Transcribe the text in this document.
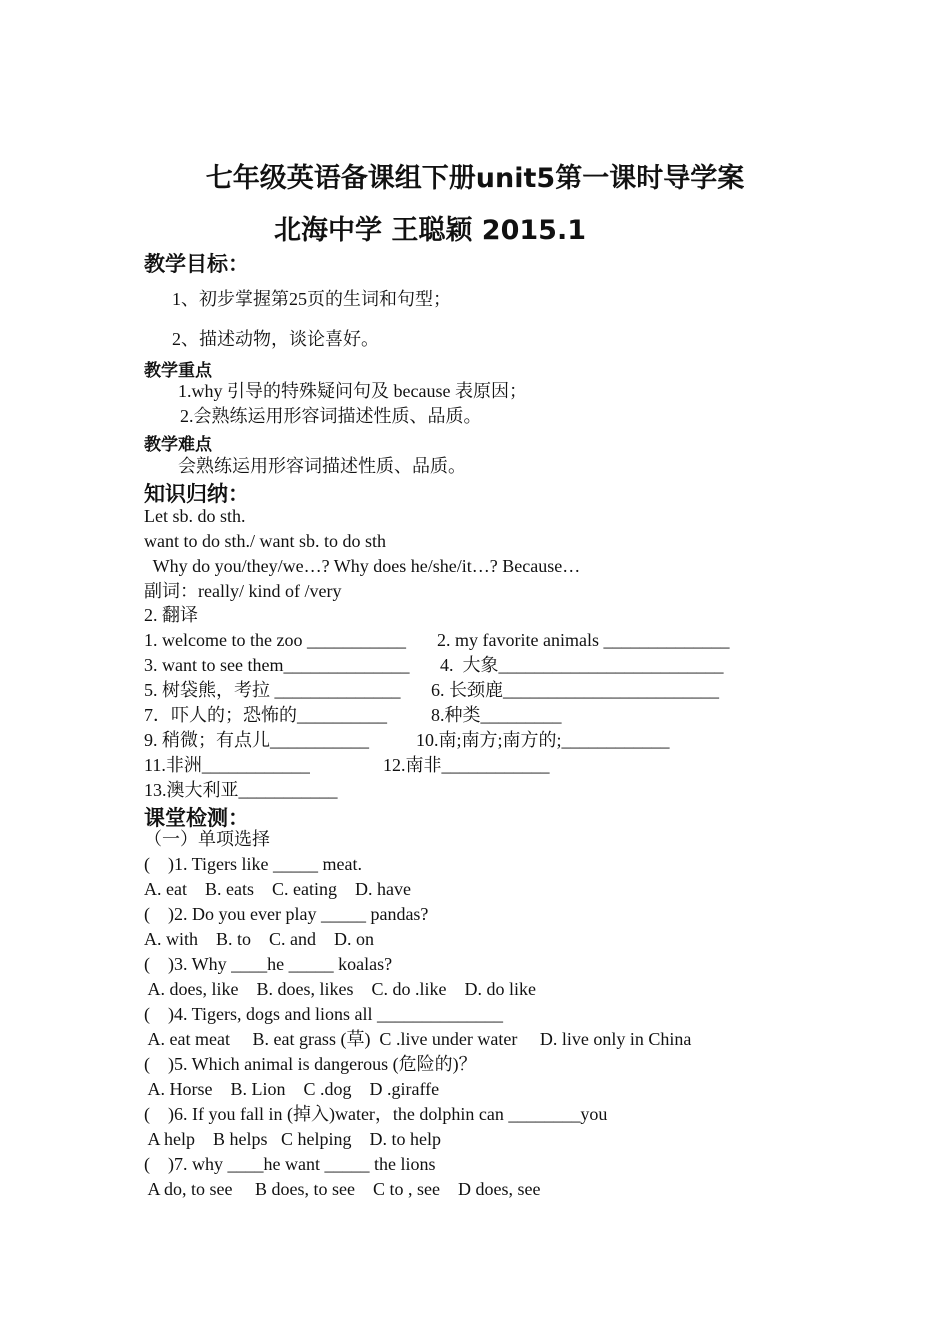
七年级英语备课组下册unit5第一课时导学案
北海中学 王聪颖 2015.1
教学目标：
1、初步掌握第25页的生词和句型；
2、描述动物，谈论喜好。
教学重点
1.why 引导的特殊疑问句及 because 表原因；
2.会熟练运用形容词描述性质、品质。
教学难点
会熟练运用形容词描述性质、品质。
知识归纳：
Let sb. do sth.
want to do sth./ want sb. to do sth
Why do you/they/we…? Why does he/she/it…? Because…
副词：really/ kind of /very
2. 翻译
1. welcome to the zoo ___________ 2. my favorite animals ______________
3. want to see them______________ 4.  大象_________________________
5. 树袋熊，考拉 ______________ 6. 长颈鹿________________________
7．吓人的；恐怖的__________ 8.种类_________
9. 稍微；有点儿___________	10.南;南方;南方的;____________
11.非洲____________	12.南非____________
13.澳大利亚___________
课堂检测：
（一）单项选择
(    )1. Tigers like _____ meat.
A. eat    B. eats    C. eating    D. have
(    )2. Do you ever play _____ pandas?
A. with    B. to    C. and    D. on
(    )3. Why ____he _____ koalas?
A. does, like    B. does, likes    C. do .like    D. do like
(    )4. Tigers, dogs and lions all ______________
A. eat meat     B. eat grass (草)  C .live under water     D. live only in China
(    )5. Which animal is dangerous (危险的)？
A. Horse    B. Lion    C .dog    D .giraffe
(    )6. If you fall in (掉入)water，the dolphin can ________you
A help    B helps   C helping    D. to help
(    )7. why ____he want _____ the lions
A do, to see     B does, to see    C to , see    D does, see
